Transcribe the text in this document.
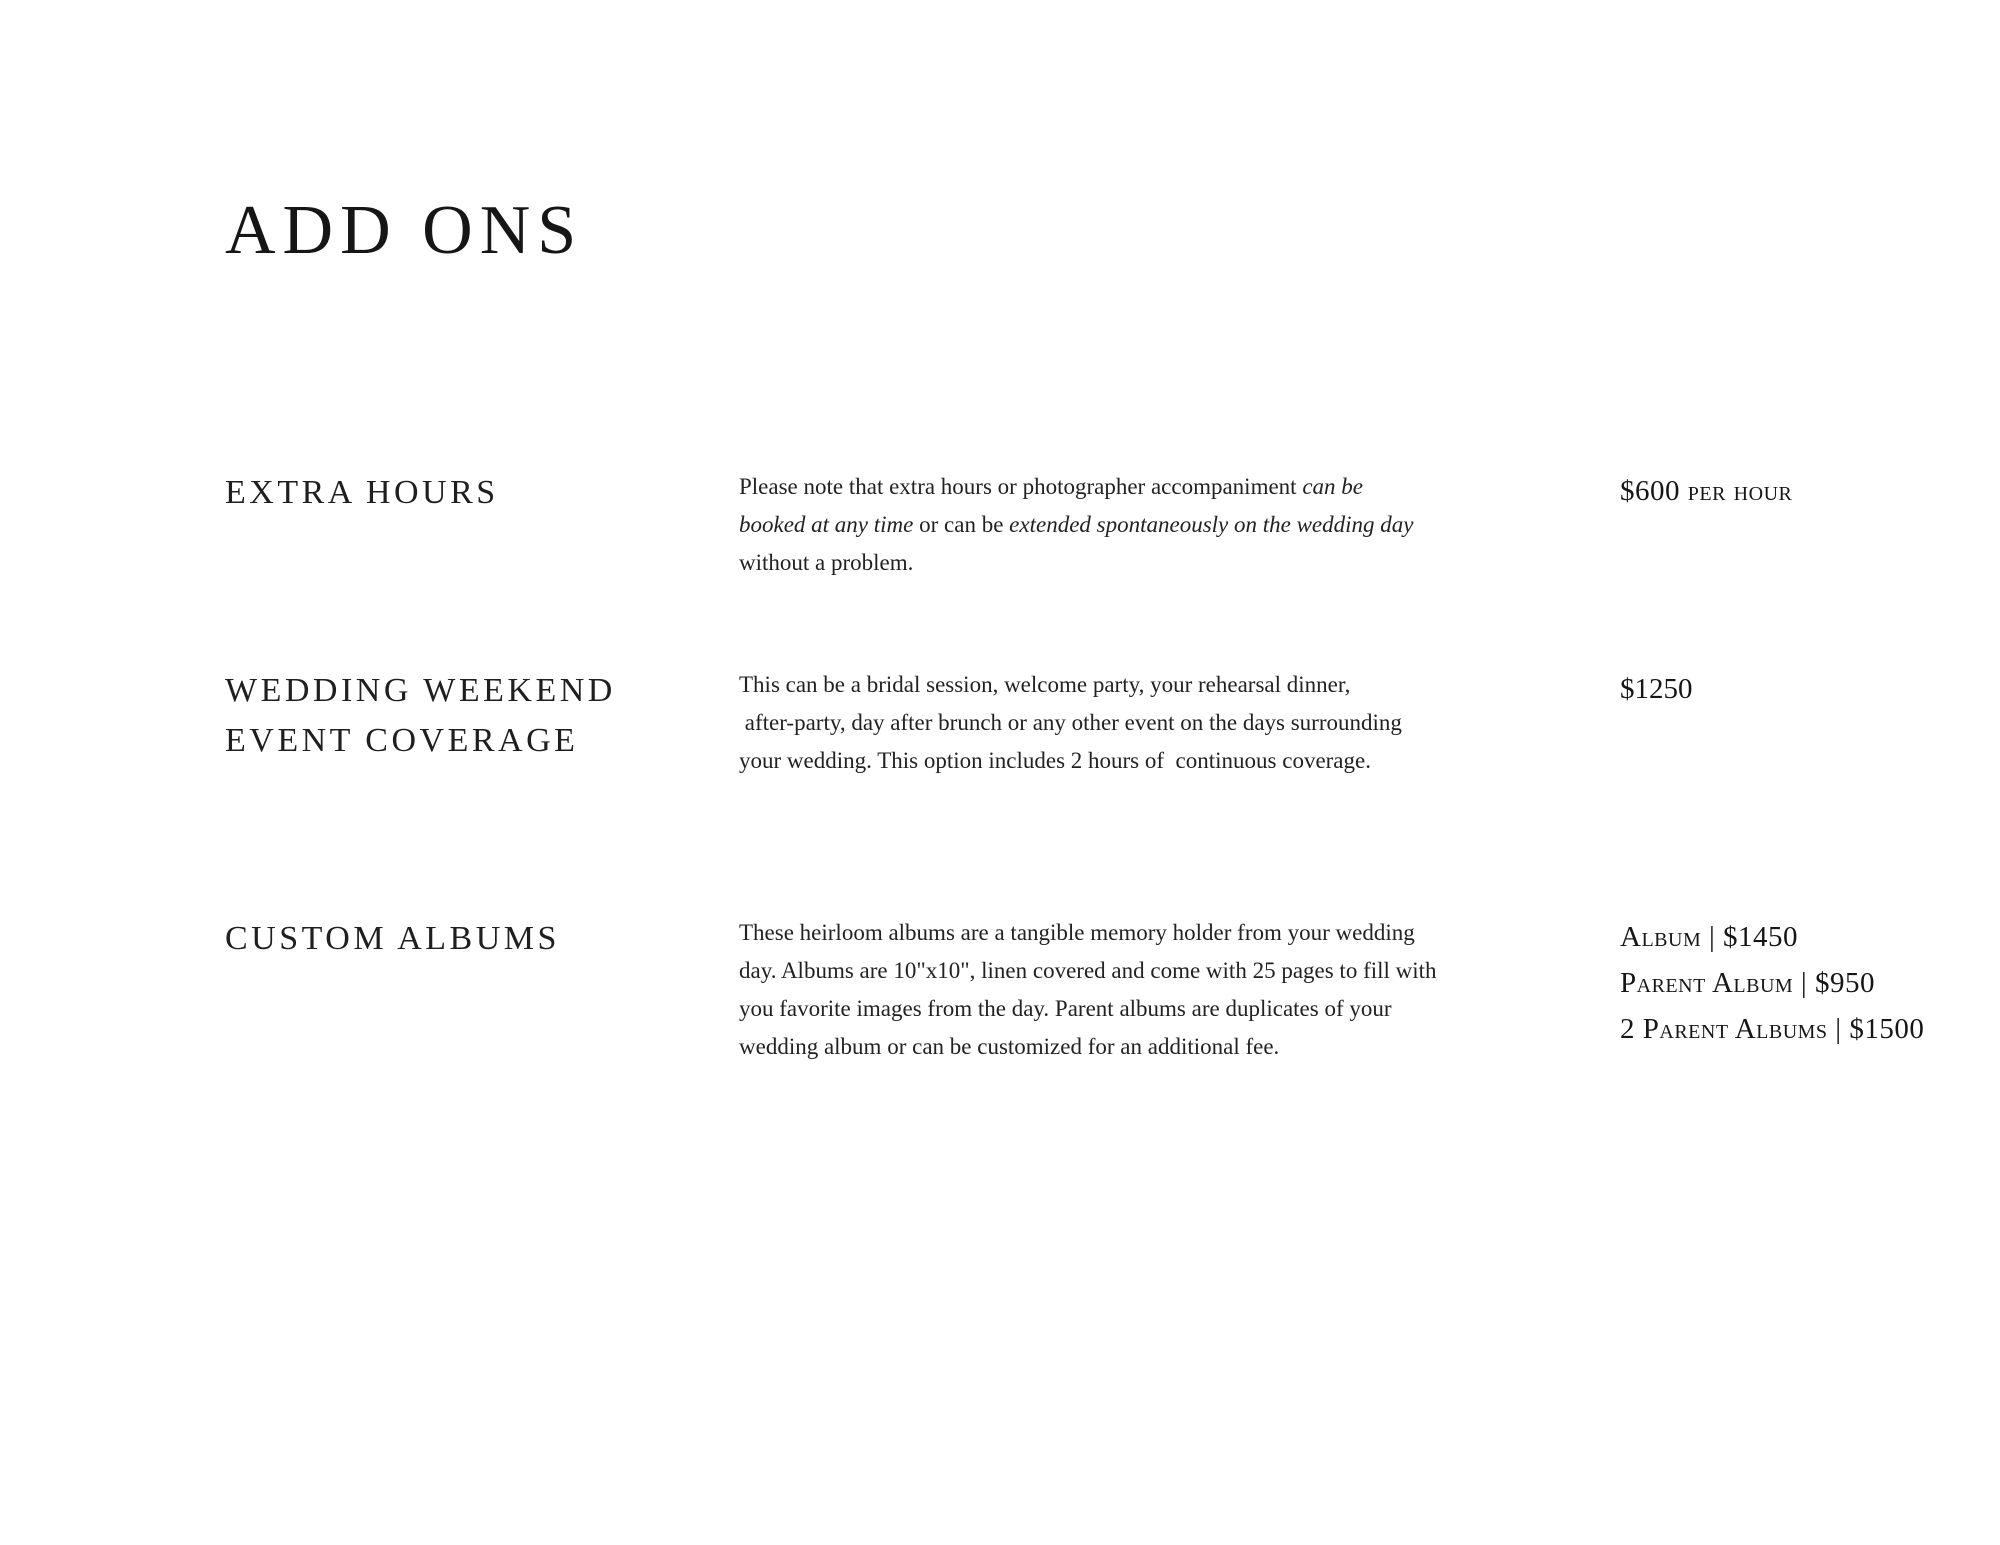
ADD ONS
EXTRA HOURS	Please note that extra hours or photographer accompaniment can be
booked at any time or can be extended spontaneously on the wedding day
without a problem.
$600 per hour
WEDDING WEEKEND
EVENT COVERAGE
This can be a bridal session, welcome party, your rehearsal dinner,
after-party, day after brunch or any other event on the days surrounding
your wedding. This option includes 2 hours of  continuous coverage.
$1250
CUSTOM ALBUMS	These heirloom albums are a tangible memory holder from your wedding
day. Albums are 10"x10", linen covered and come with 25 pages to fill with
you favorite images from the day. Parent albums are duplicates of your
wedding album or can be customized for an additional fee.
Album | $1450
Parent Album | $950
2 Parent Albums | $1500
